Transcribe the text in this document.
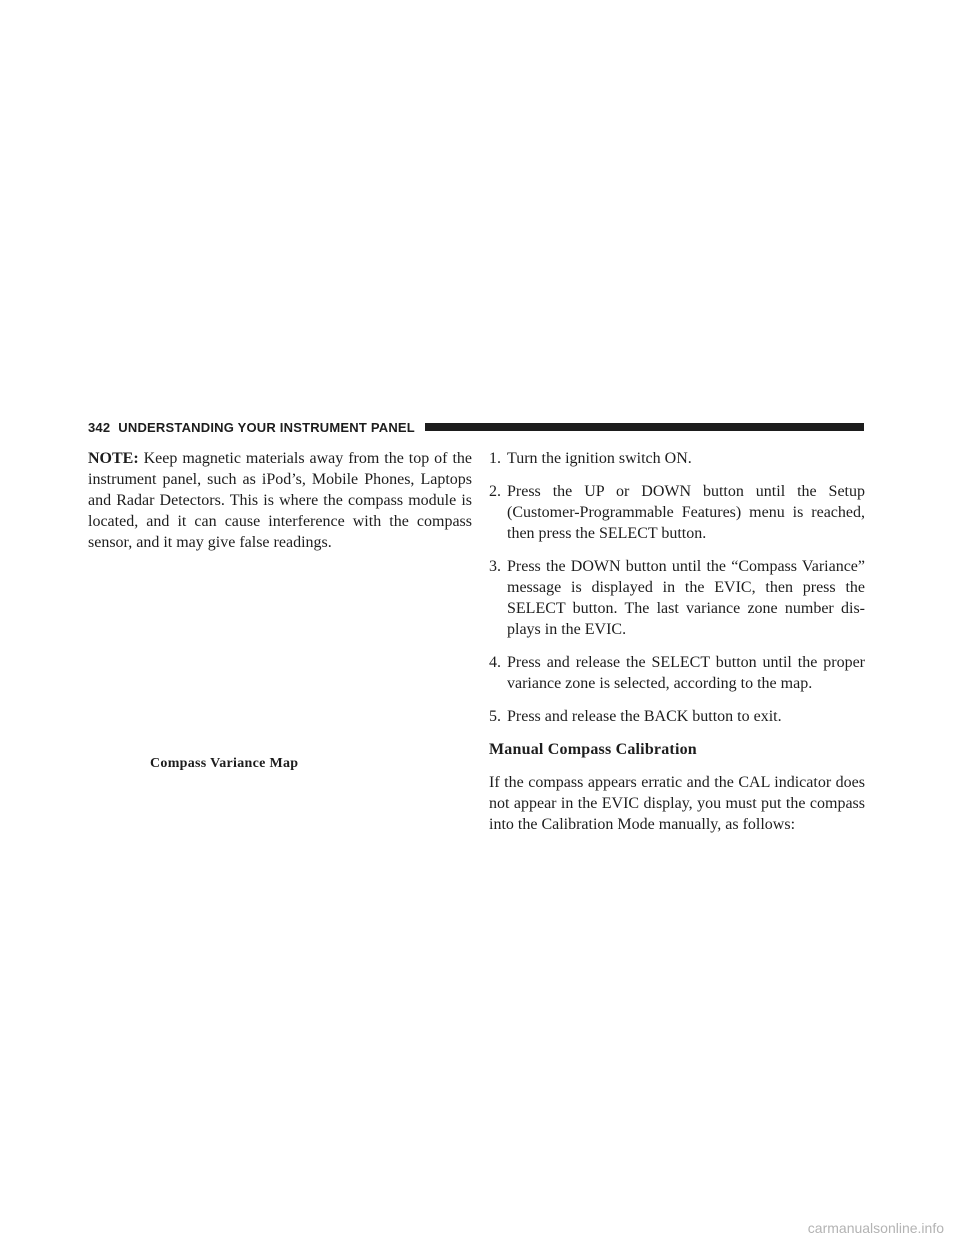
342 UNDERSTANDING YOUR INSTRUMENT PANEL

NOTE: Keep magnetic materials away from the top of the instrument panel, such as iPod’s, Mobile Phones, Laptops and Radar Detectors. This is where the compass module is located, and it can cause interference with the compass sensor, and it may give false readings.

Compass Variance Map
1. Turn the ignition switch ON.
2. Press the UP or DOWN button until the Setup (Customer-Programmable Features) menu is reached, then press the SELECT button.
3. Press the DOWN button until the “Compass Variance” message is displayed in the EVIC, then press the SELECT button. The last variance zone number dis-plays in the EVIC.
4. Press and release the SELECT button until the proper variance zone is selected, according to the map.
5. Press and release the BACK button to exit.
Manual Compass Calibration

If the compass appears erratic and the CAL indicator does not appear in the EVIC display, you must put the compass into the Calibration Mode manually, as follows:

carmanualsonline.info
